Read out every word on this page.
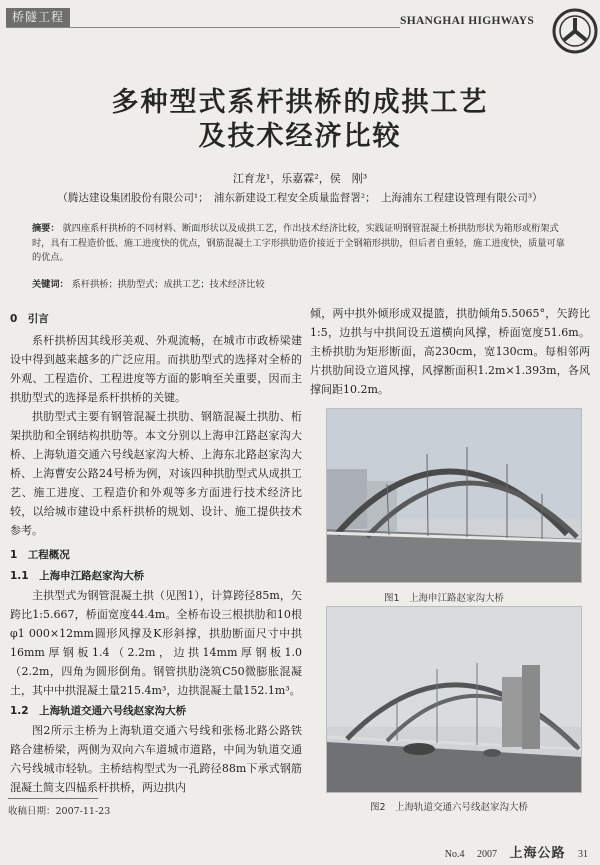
桥隧工程	SHANGHAI HIGHWAYS
多种型式系杆拱桥的成拱工艺
及技术经济比较
江育龙¹，乐嘉霖²，侯　刚³
（腾达建设集团股份有限公司¹；　浦东新建设工程安全质量监督署²；　上海浦东工程建设管理有限公司³）
摘要： 就四座系杆拱桥的不同材料、断面形状以及成拱工艺，作出技术经济比较，实践证明钢管混凝土桥拱肋形状为箱形或桁架式时，具有工程造价低、施工进度快的优点，钢筋混凝土工字形拱肋造价接近于全钢箱形拱肋，但后者自重轻，施工进度快，质量可靠的优点。
关键词： 系杆拱桥；拱肋型式；成拱工艺；技术经济比较
0　引言

系杆拱桥因其线形美观、外观流畅，在城市市政桥梁建设中得到越来越多的广泛应用。而拱肋型式的选择对全桥的外观、工程造价、工程进度等方面的影响至关重要，因而主拱肋型式的选择是系杆拱桥的关键。

拱肋型式主要有钢管混凝土拱肋、钢筋混凝土拱肋、桁架拱肋和全钢结构拱肋等。本文分别以上海申江路赵家沟大桥、上海轨道交通六号线赵家沟大桥、上海东北路赵家沟大桥、上海曹安公路24号桥为例，对该四种拱肋型式从成拱工艺、施工进度、工程造价和外观等多方面进行技术经济比较，以给城市建设中系杆拱桥的规划、设计、施工提供技术参考。

1　工程概况
1.1　上海申江路赵家沟大桥

主拱型式为钢管混凝土拱（见图1），计算跨径85m，矢跨比1:5.667，桥面宽度44.4m。全桥布设三根拱肋和10根φ1 000×12mm圆形风撑及K形斜撑，拱肋断面尺寸中拱16mm厚钢板1.4（2.2m，边拱14mm厚钢板1.0（2.2m，四角为圆形倒角。钢管拱肋浇筑C50微膨胀混凝土，其中中拱混凝土量215.4m³，边拱混凝土量152.1m³。

1.2　上海轨道交通六号线赵家沟大桥

图2所示主桥为上海轨道交通六号线和张杨北路公路铁路合建桥梁，两侧为双向六车道城市道路，中间为轨道交通六号线城市轻轨。主桥结构型式为一孔跨径88m下承式钢筋混凝土简支四榀系杆拱桥，两边拱内

倾，两中拱外倾形成双提篮，拱肋倾角5.5065°，矢跨比1:5，边拱与中拱间设五道横向风撑，桥面宽度51.6m。主桥拱肋为矩形断面，高230cm，宽130cm。每相邻两片拱肋间设立道风撑，风撑断面积1.2m×1.393m，各风撑间距10.2m。

图1　上海申江路赵家沟大桥
图2　上海轨道交通六号线赵家沟大桥
收稿日期：2007-11-23
No.4 2007 上海公路 31
